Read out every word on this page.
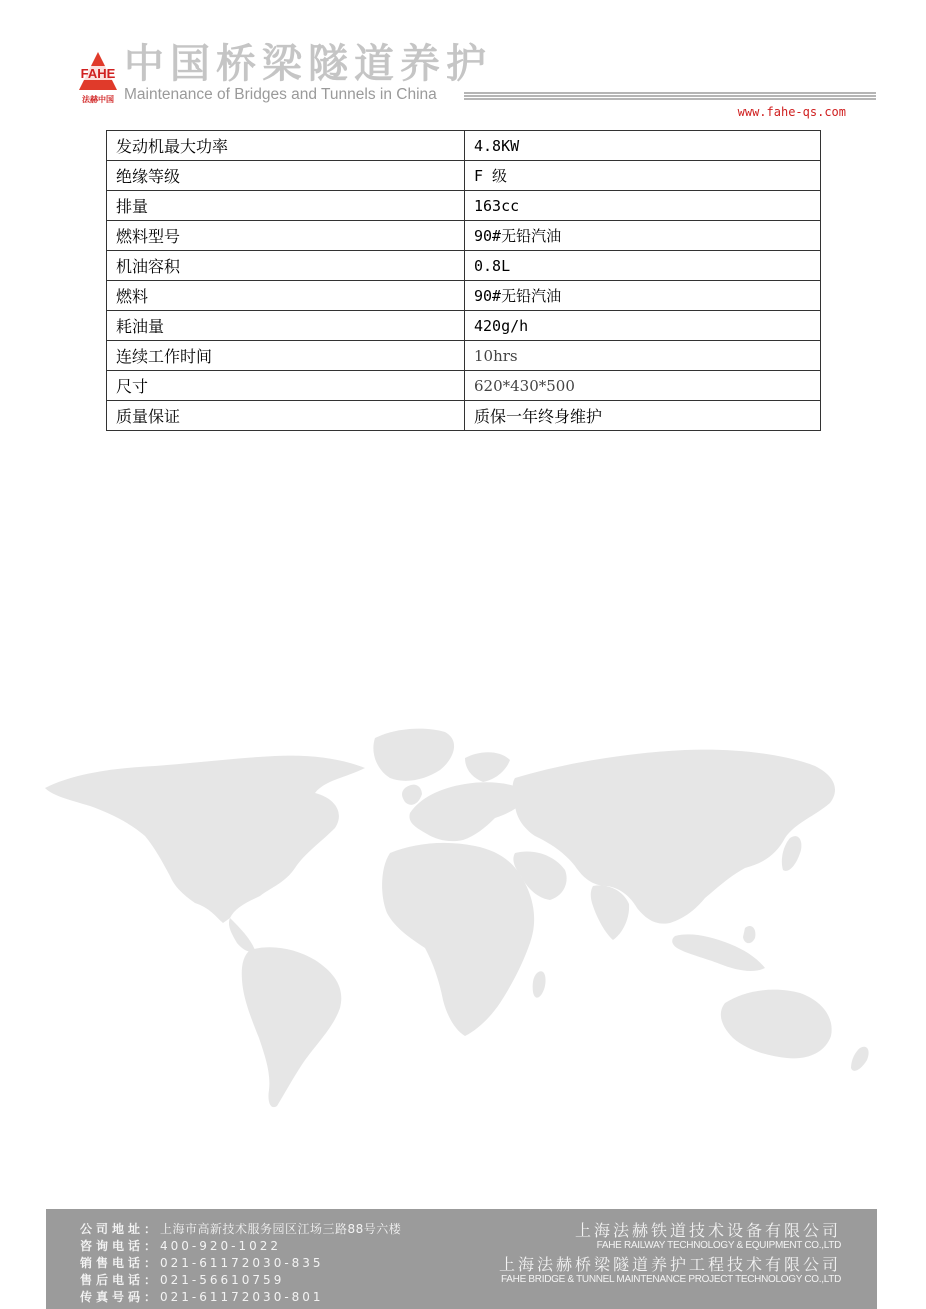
FAHE
法赫中国
中国桥梁隧道养护
Maintenance of Bridges and Tunnels in China
www.fahe-qs.com
发动机最大功率	4.8KW
绝缘等级	F 级
排量	163cc
燃料型号	90#无铅汽油
机油容积	0.8L
燃料	90#无铅汽油
耗油量	420g/h
连续工作时间	10hrs
尺寸	620*430*500
质量保证	质保一年终身维护
公司地址：上海市高新技术服务园区江场三路88号六楼
咨询电话：400-920-1022
销售电话：021-61172030-835
售后电话：021-56610759
传真号码：021-61172030-801
上海法赫铁道技术设备有限公司
FAHE RAILWAY TECHNOLOGY & EQUIPMENT CO.,LTD
上海法赫桥梁隧道养护工程技术有限公司
FAHE BRIDGE & TUNNEL MAINTENANCE PROJECT TECHNOLOGY CO.,LTD
